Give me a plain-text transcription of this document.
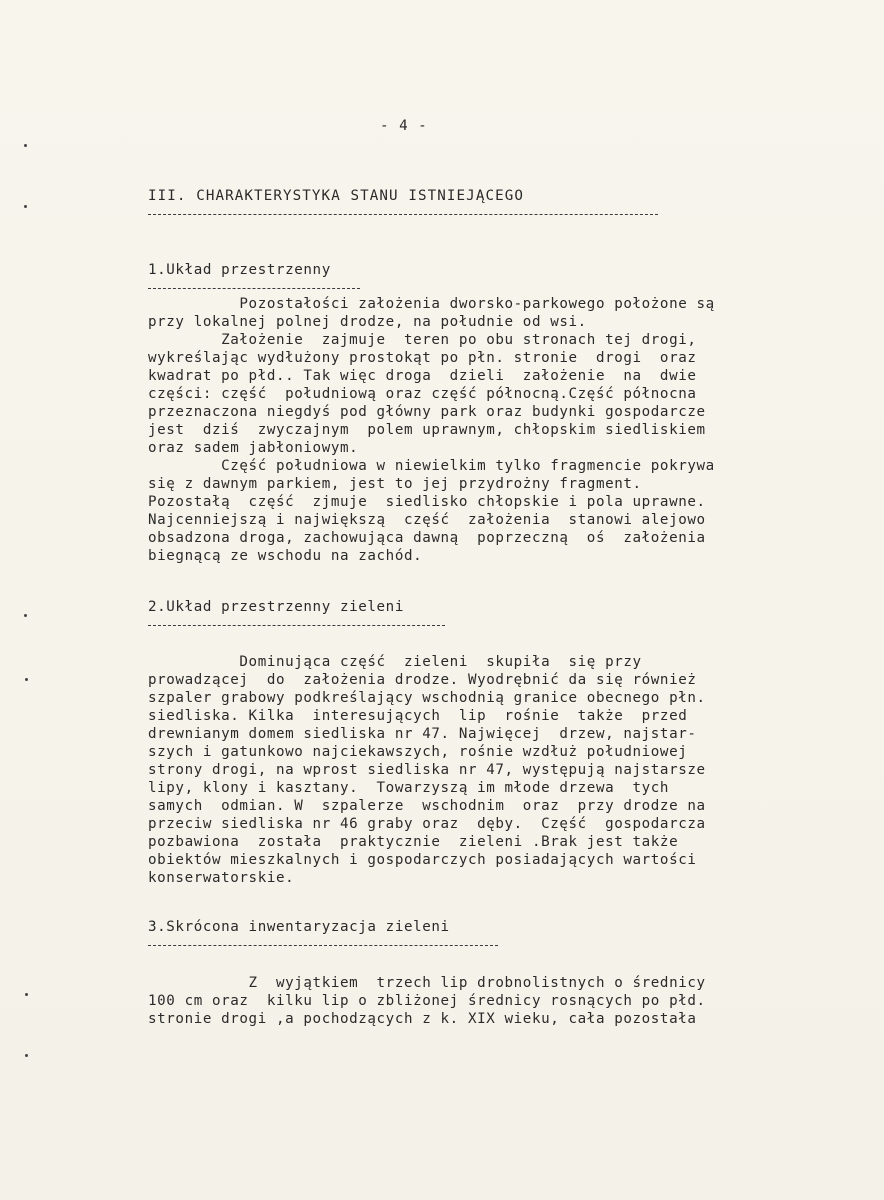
- 4 -
III. CHARAKTERYSTYKA STANU ISTNIEJĄCEGO
1.Układ przestrzenny
Pozostałości założenia dworsko-parkowego położone są
przy lokalnej polnej drodze, na południe od wsi.
Założenie  zajmuje  teren po obu stronach tej drogi,
wykreślając wydłużony prostokąt po płn. stronie  drogi  oraz
kwadrat po płd.. Tak więc droga  dzieli  założenie  na  dwie
części: część  południową oraz część północną.Część północna
przeznaczona niegdyś pod główny park oraz budynki gospodarcze
jest  dziś  zwyczajnym  polem uprawnym, chłopskim siedliskiem
oraz sadem jabłoniowym.
Część południowa w niewielkim tylko fragmencie pokrywa
się z dawnym parkiem, jest to jej przydrożny fragment.
Pozostałą  część  zjmuje  siedlisko chłopskie i pola uprawne.
Najcenniejszą i największą  część  założenia  stanowi alejowo
obsadzona droga, zachowująca dawną  poprzeczną  oś  założenia
biegnącą ze wschodu na zachód.
2.Układ przestrzenny zieleni
Dominująca część  zieleni  skupiła  się przy
prowadzącej  do  założenia drodze. Wyodrębnić da się również
szpaler grabowy podkreślający wschodnią granice obecnego płn.
siedliska. Kilka  interesujących  lip  rośnie  także  przed
drewnianym domem siedliska nr 47. Najwięcej  drzew, najstar-
szych i gatunkowo najciekawszych, rośnie wzdłuż południowej
strony drogi, na wprost siedliska nr 47, występują najstarsze
lipy, klony i kasztany.  Towarzyszą im młode drzewa  tych
samych  odmian. W  szpalerze  wschodnim  oraz  przy drodze na
przeciw siedliska nr 46 graby oraz  dęby.  Część  gospodarcza
pozbawiona  została  praktycznie  zieleni .Brak jest także
obiektów mieszkalnych i gospodarczych posiadających wartości
konserwatorskie.
3.Skrócona inwentaryzacja zieleni
Z  wyjątkiem  trzech lip drobnolistnych o średnicy
100 cm oraz  kilku lip o zbliżonej średnicy rosnących po płd.
stronie drogi ,a pochodzących z k. XIX wieku, cała pozostała
